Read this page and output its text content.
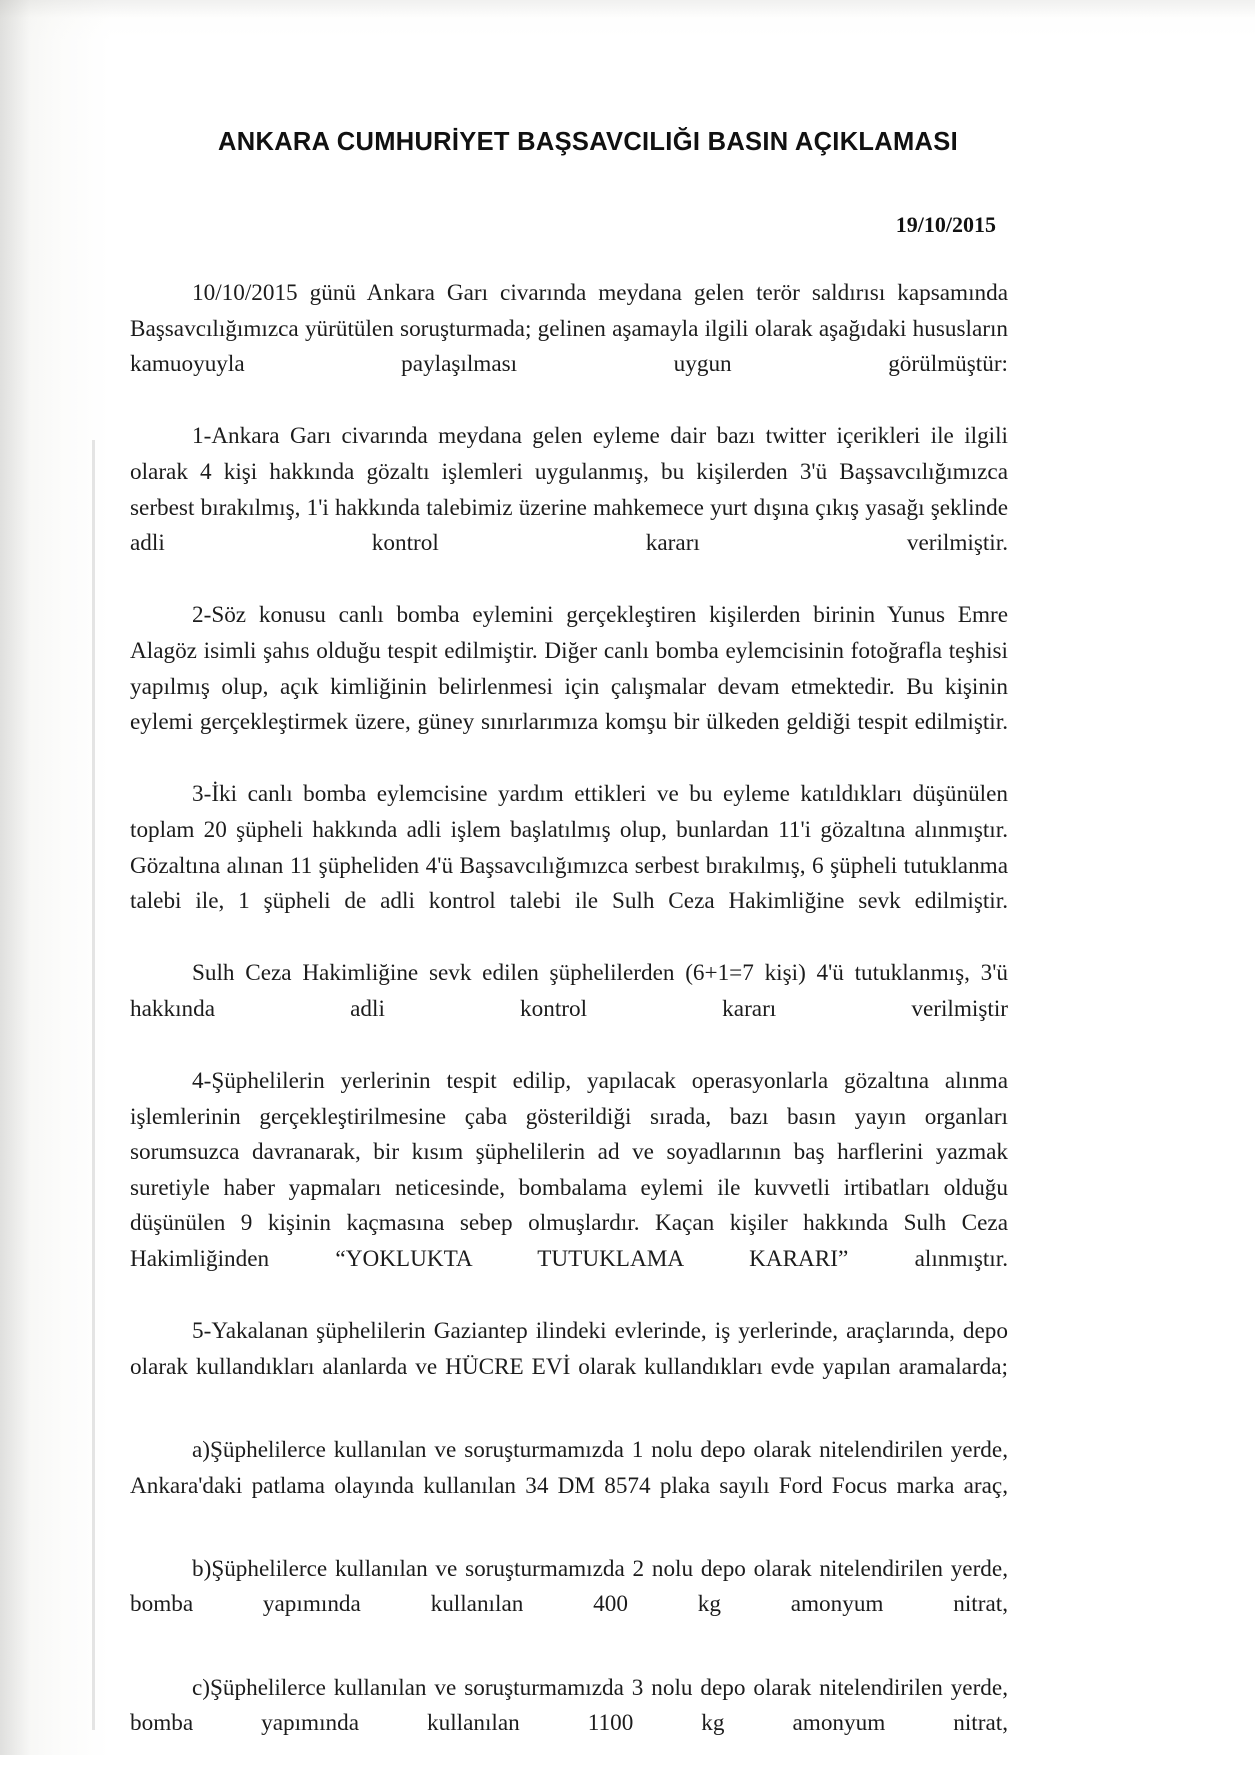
ANKARA CUMHURİYET BAŞSAVCILIĞI BASIN AÇIKLAMASI
19/10/2015

10/10/2015 günü Ankara Garı civarında meydana gelen terör saldırısı kapsamında Başsavcılığımızca yürütülen soruşturmada; gelinen aşamayla ilgili olarak aşağıdaki hususların kamuoyuyla paylaşılması uygun görülmüştür:

1-Ankara Garı civarında meydana gelen eyleme dair bazı twitter içerikleri ile ilgili olarak 4 kişi hakkında gözaltı işlemleri uygulanmış, bu kişilerden 3'ü Başsavcılığımızca serbest bırakılmış, 1'i hakkında talebimiz üzerine mahkemece yurt dışına çıkış yasağı şeklinde adli kontrol kararı verilmiştir.

2-Söz konusu canlı bomba eylemini gerçekleştiren kişilerden birinin Yunus Emre Alagöz isimli şahıs olduğu tespit edilmiştir. Diğer canlı bomba eylemcisinin fotoğrafla teşhisi yapılmış olup, açık kimliğinin belirlenmesi için çalışmalar devam etmektedir. Bu kişinin eylemi gerçekleştirmek üzere, güney sınırlarımıza komşu bir ülkeden geldiği tespit edilmiştir.

3-İki canlı bomba eylemcisine yardım ettikleri ve bu eyleme katıldıkları düşünülen toplam 20 şüpheli hakkında adli işlem başlatılmış olup, bunlardan 11'i gözaltına alınmıştır. Gözaltına alınan 11 şüpheliden 4'ü Başsavcılığımızca serbest bırakılmış, 6 şüpheli tutuklanma talebi ile, 1 şüpheli de adli kontrol talebi ile Sulh Ceza Hakimliğine sevk edilmiştir.

Sulh Ceza Hakimliğine sevk edilen şüphelilerden (6+1=7 kişi) 4'ü tutuklanmış, 3'ü hakkında adli kontrol kararı verilmiştir

4-Şüphelilerin yerlerinin tespit edilip, yapılacak operasyonlarla gözaltına alınma işlemlerinin gerçekleştirilmesine çaba gösterildiği sırada, bazı basın yayın organları sorumsuzca davranarak, bir kısım şüphelilerin ad ve soyadlarının baş harflerini yazmak suretiyle haber yapmaları neticesinde, bombalama eylemi ile kuvvetli irtibatları olduğu düşünülen 9 kişinin kaçmasına sebep olmuşlardır. Kaçan kişiler hakkında Sulh Ceza Hakimliğinden “YOKLUKTA TUTUKLAMA KARARI” alınmıştır.

5-Yakalanan şüphelilerin Gaziantep ilindeki evlerinde, iş yerlerinde, araçlarında, depo olarak kullandıkları alanlarda ve HÜCRE EVİ olarak kullandıkları evde yapılan aramalarda;

a)Şüphelilerce kullanılan ve soruşturmamızda 1 nolu depo olarak nitelendirilen yerde, Ankara'daki patlama olayında kullanılan 34 DM 8574 plaka sayılı Ford Focus marka araç,

b)Şüphelilerce kullanılan ve soruşturmamızda 2 nolu depo olarak nitelendirilen yerde, bomba yapımında kullanılan 400 kg amonyum nitrat,

c)Şüphelilerce kullanılan ve soruşturmamızda 3 nolu depo olarak nitelendirilen yerde, bomba yapımında kullanılan 1100 kg amonyum nitrat,
